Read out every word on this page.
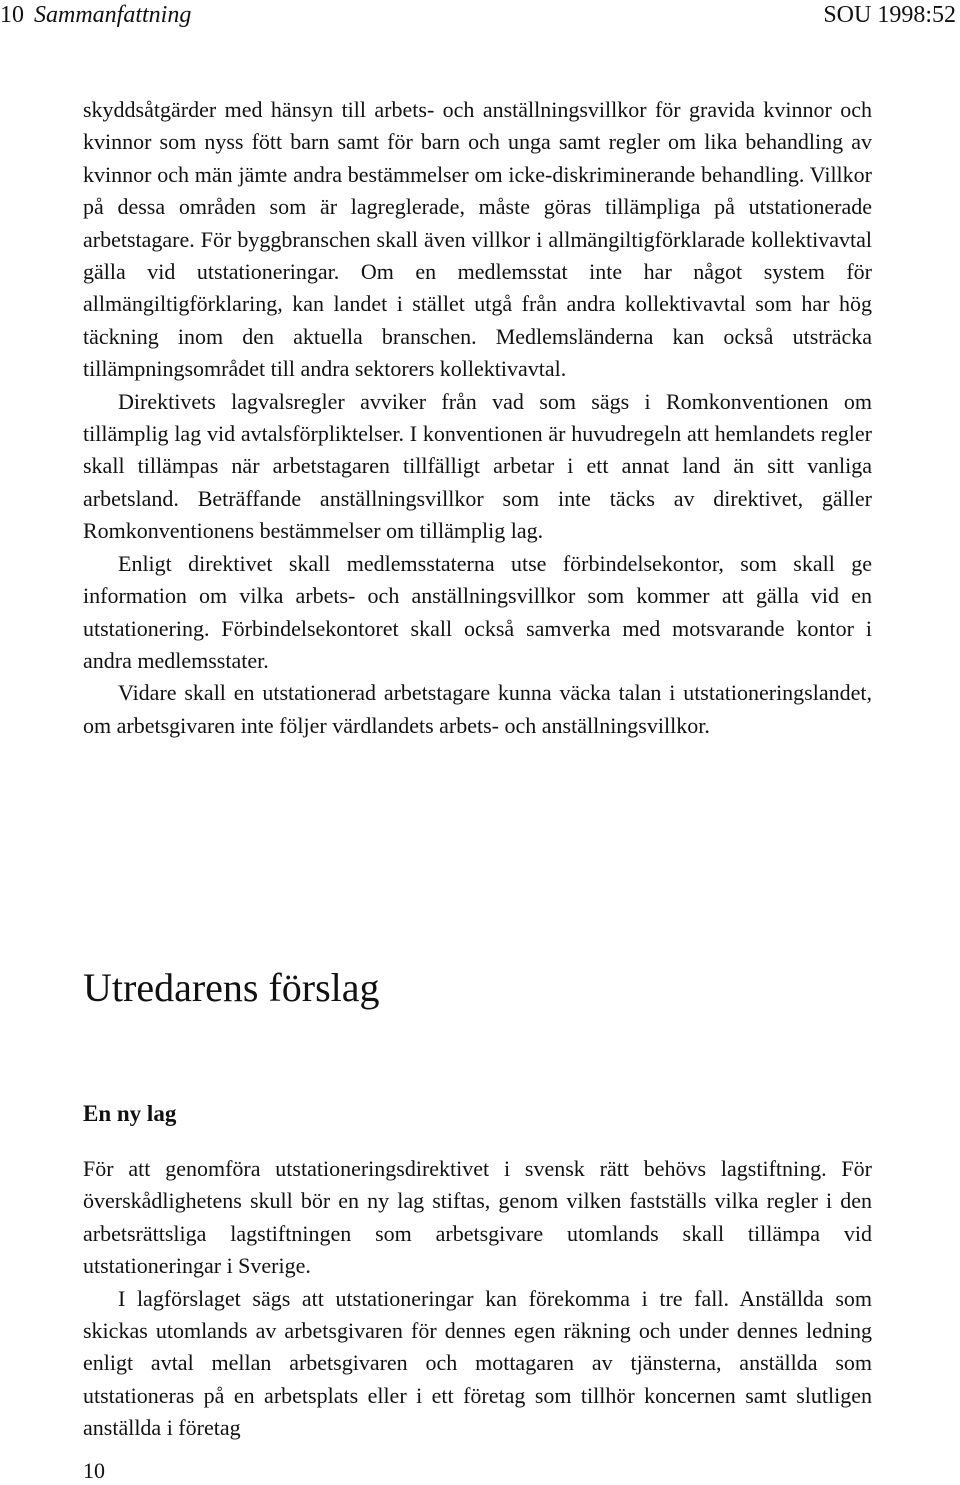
10 Sammanfattning	SOU 1998:52

skyddsåtgärder med hänsyn till arbets- och anställningsvillkor för gravida kvinnor och kvinnor som nyss fött barn samt för barn och unga samt regler om lika behandling av kvinnor och män jämte andra bestämmelser om icke-diskriminerande behandling. Villkor på dessa områden som är lagreglerade, måste göras tillämpliga på utstationerade arbetstagare. För byggbranschen skall även villkor i allmängiltigförklarade kollektivavtal gälla vid utstationeringar. Om en medlemsstat inte har något system för allmängiltigförklaring, kan landet i stället utgå från andra kollektivavtal som har hög täckning inom den aktuella branschen. Medlemsländerna kan också utsträcka tillämpningsområdet till andra sektorers kollektivavtal.

Direktivets lagvalsregler avviker från vad som sägs i Romkonventionen om tillämplig lag vid avtalsförpliktelser. I konventionen är huvudregeln att hemlandets regler skall tillämpas när arbetstagaren tillfälligt arbetar i ett annat land än sitt vanliga arbetsland. Beträffande anställningsvillkor som inte täcks av direktivet, gäller Romkonventionens bestämmelser om tillämplig lag.

Enligt direktivet skall medlemsstaterna utse förbindelsekontor, som skall ge information om vilka arbets- och anställningsvillkor som kommer att gälla vid en utstationering. Förbindelsekontoret skall också samverka med motsvarande kontor i andra medlemsstater.

Vidare skall en utstationerad arbetstagare kunna väcka talan i utstationeringslandet, om arbetsgivaren inte följer värdlandets arbets- och anställningsvillkor.

Utredarens förslag
En ny lag

För att genomföra utstationeringsdirektivet i svensk rätt behövs lagstiftning. För överskådlighetens skull bör en ny lag stiftas, genom vilken fastställs vilka regler i den arbetsrättsliga lagstiftningen som arbetsgivare utomlands skall tillämpa vid utstationeringar i Sverige.

I lagförslaget sägs att utstationeringar kan förekomma i tre fall. Anställda som skickas utomlands av arbetsgivaren för dennes egen räkning och under dennes ledning enligt avtal mellan arbetsgivaren och mottagaren av tjänsterna, anställda som utstationeras på en arbetsplats eller i ett företag som tillhör koncernen samt slutligen anställda i företag

10
